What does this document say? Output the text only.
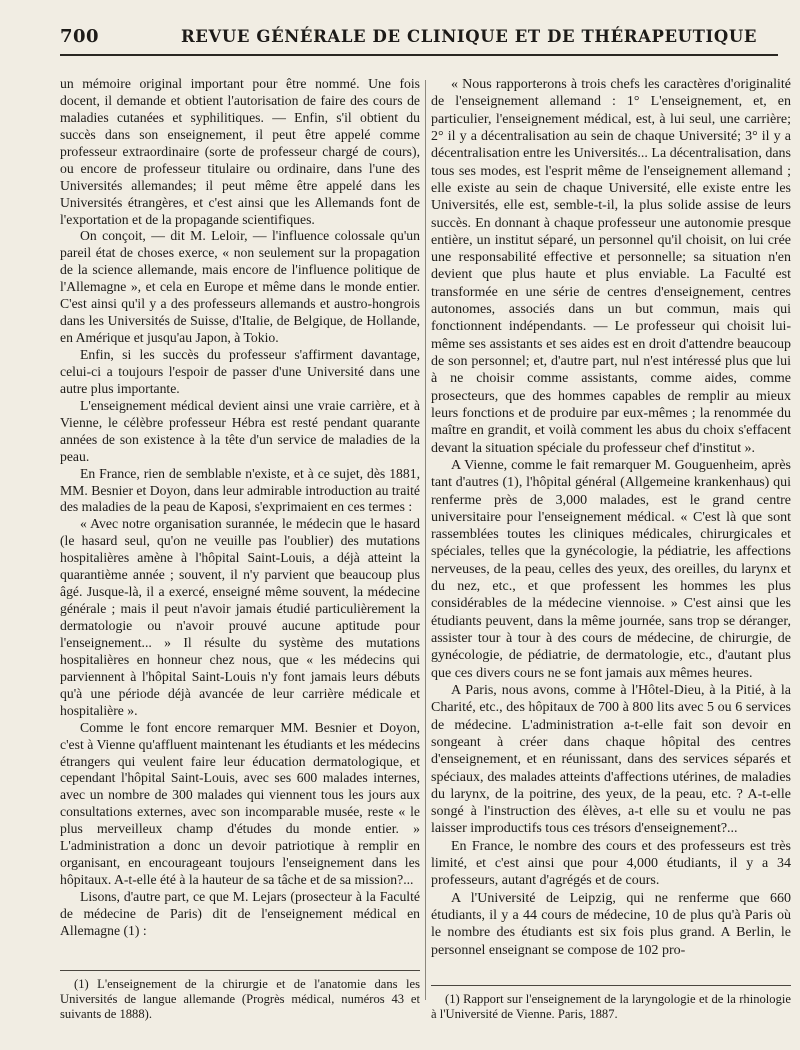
700	REVUE GÉNÉRALE DE CLINIQUE ET DE THÉRAPEUTIQUE

un mémoire original important pour être nommé. Une fois docent, il demande et obtient l'autorisation de faire des cours de maladies cutanées et syphilitiques. — Enfin, s'il obtient du succès dans son enseignement, il peut être appelé comme professeur extraordinaire (sorte de professeur chargé de cours), ou encore de professeur titulaire ou ordinaire, dans l'une des Universités allemandes; il peut même être appelé dans les Universités étrangères, et c'est ainsi que les Allemands font de l'exportation et de la propagande scientifiques.

On conçoit, — dit M. Leloir, — l'influence colossale qu'un pareil état de choses exerce, « non seulement sur la propagation de la science allemande, mais encore de l'influence politique de l'Allemagne », et cela en Europe et même dans le monde entier. C'est ainsi qu'il y a des professeurs allemands et austro-hongrois dans les Universités de Suisse, d'Italie, de Belgique, de Hollande, en Amérique et jusqu'au Japon, à Tokio.

Enfin, si les succès du professeur s'affirment davantage, celui-ci a toujours l'espoir de passer d'une Université dans une autre plus importante.

L'enseignement médical devient ainsi une vraie carrière, et à Vienne, le célèbre professeur Hébra est resté pendant quarante années de son existence à la tête d'un service de maladies de la peau.

En France, rien de semblable n'existe, et à ce sujet, dès 1881, MM. Besnier et Doyon, dans leur admirable introduction au traité des maladies de la peau de Kaposi, s'exprimaient en ces termes :

« Avec notre organisation surannée, le médecin que le hasard (le hasard seul, qu'on ne veuille pas l'oublier) des mutations hospitalières amène à l'hôpital Saint-Louis, a déjà atteint la quarantième année ; souvent, il n'y parvient que beaucoup plus âgé. Jusque-là, il a exercé, enseigné même souvent, la médecine générale ; mais il peut n'avoir jamais étudié particulièrement la dermatologie ou n'avoir prouvé aucune aptitude pour l'enseignement... » Il résulte du système des mutations hospitalières en honneur chez nous, que « les médecins qui parviennent à l'hôpital Saint-Louis n'y font jamais leurs débuts qu'à une période déjà avancée de leur carrière médicale et hospitalière ».

Comme le font encore remarquer MM. Besnier et Doyon, c'est à Vienne qu'affluent maintenant les étudiants et les médecins étrangers qui veulent faire leur éducation dermatologique, et cependant l'hôpital Saint-Louis, avec ses 600 malades internes, avec un nombre de 300 malades qui viennent tous les jours aux consultations externes, avec son incomparable musée, reste « le plus merveilleux champ d'études du monde entier. » L'administration a donc un devoir patriotique à remplir en organisant, en encourageant toujours l'enseignement dans les hôpitaux. A-t-elle été à la hauteur de sa tâche et de sa mission?...

Lisons, d'autre part, ce que M. Lejars (prosecteur à la Faculté de médecine de Paris) dit de l'enseignement médical en Allemagne (1) :

« Nous rapporterons à trois chefs les caractères d'originalité de l'enseignement allemand : 1° L'enseignement, et, en particulier, l'enseignement médical, est, à lui seul, une carrière; 2° il y a décentralisation au sein de chaque Université; 3° il y a décentralisation entre les Universités... La décentralisation, dans tous ses modes, est l'esprit même de l'enseignement allemand ; elle existe au sein de chaque Université, elle existe entre les Universités, elle est, semble-t-il, la plus solide assise de leurs succès. En donnant à chaque professeur une autonomie presque entière, un institut séparé, un personnel qu'il choisit, on lui crée une responsabilité effective et personnelle; sa situation n'en devient que plus haute et plus enviable. La Faculté est transformée en une série de centres d'enseignement, centres autonomes, associés dans un but commun, mais qui fonctionnent indépendants. — Le professeur qui choisit lui-même ses assistants et ses aides est en droit d'attendre beaucoup de son personnel; et, d'autre part, nul n'est intéressé plus que lui à ne choisir comme assistants, comme aides, comme prosecteurs, que des hommes capables de remplir au mieux leurs fonctions et de produire par eux-mêmes ; la renommée du maître en grandit, et voilà comment les abus du choix s'effacent devant la situation spéciale du professeur chef d'institut ».

A Vienne, comme le fait remarquer M. Gouguenheim, après tant d'autres (1), l'hôpital général (Allgemeine krankenhaus) qui renferme près de 3,000 malades, est le grand centre universitaire pour l'enseignement médical. « C'est là que sont rassemblées toutes les cliniques médicales, chirurgicales et spéciales, telles que la gynécologie, la pédiatrie, les affections nerveuses, de la peau, celles des yeux, des oreilles, du larynx et du nez, etc., et que professent les hommes les plus considérables de la médecine viennoise. » C'est ainsi que les étudiants peuvent, dans la même journée, sans trop se déranger, assister tour à tour à des cours de médecine, de chirurgie, de gynécologie, de pédiatrie, de dermatologie, etc., d'autant plus que ces divers cours ne se font jamais aux mêmes heures.

A Paris, nous avons, comme à l'Hôtel-Dieu, à la Pitié, à la Charité, etc., des hôpitaux de 700 à 800 lits avec 5 ou 6 services de médecine. L'administration a-t-elle fait son devoir en songeant à créer dans chaque hôpital des centres d'enseignement, et en réunissant, dans des services séparés et spéciaux, des malades atteints d'affections utérines, de maladies du larynx, de la poitrine, des yeux, de la peau, etc. ? A-t-elle songé à l'instruction des élèves, a-t elle su et voulu ne pas laisser improductifs tous ces trésors d'enseignement?...

En France, le nombre des cours et des professeurs est très limité, et c'est ainsi que pour 4,000 étudiants, il y a 34 professeurs, autant d'agrégés et de cours.

A l'Université de Leipzig, qui ne renferme que 660 étudiants, il y a 44 cours de médecine, 10 de plus qu'à Paris où le nombre des étudiants est six fois plus grand. A Berlin, le personnel enseignant se compose de 102 pro-

(1) L'enseignement de la chirurgie et de l'anatomie dans les Universités de langue allemande (Progrès médical, numéros 43 et suivants de 1888).

(1) Rapport sur l'enseignement de la laryngologie et de la rhinologie à l'Université de Vienne. Paris, 1887.
